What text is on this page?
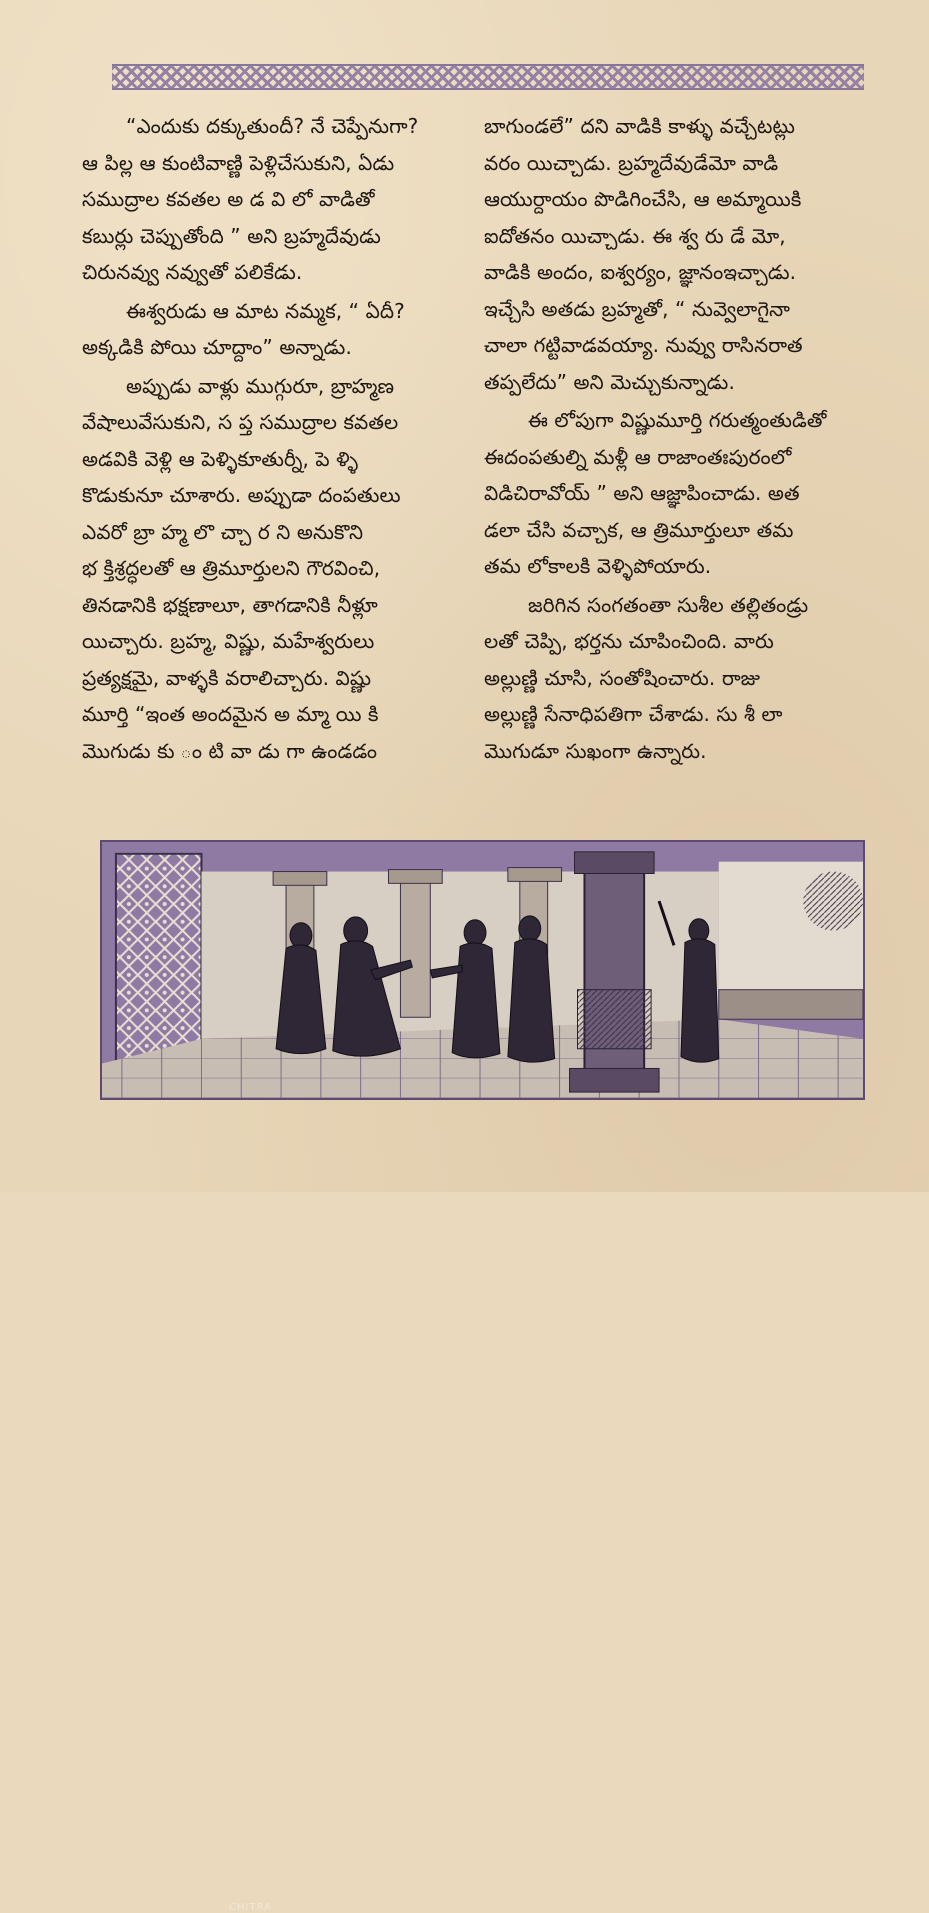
“ఎందుకు దక్కుతుందీ? నే చెప్పేనుగా?
ఆ పిల్ల ఆ కుంటివాణ్ణి పెళ్లిచేసుకుని, ఏడు
సముద్రాల కవతల అ డ వి లో వాడితో
కబుర్లు చెప్పుతోంది ” అని బ్రహ్మదేవుడు
చిరునవ్వు నవ్వుతో పలికేడు.
ఈశ్వరుడు ఆ మాట నమ్మక, “ ఏదీ?
అక్కడికి పోయి చూద్దాం” అన్నాడు.
అప్పుడు వాళ్లు ముగ్గురూ, బ్రాహ్మణ
వేషాలువేసుకుని, స ప్త సముద్రాల కవతల
అడవికి వెళ్లి ఆ పెళ్ళికూతుర్నీ, పె ళ్ళి
కొడుకునూ చూశారు. అప్పుడా దంపతులు
ఎవరో బ్రా హ్మ లొ చ్చా ర ని అనుకొని
భ క్తిశ్రద్ధలతో ఆ త్రిమూర్తులని గౌరవించి,
తినడానికి భక్షణాలూ, తాగడానికి నీళ్లూ
యిచ్చారు. బ్రహ్మ, విష్ణు, మహేశ్వరులు
ప్రత్యక్షమై, వాళ్ళకి వరాలిచ్చారు. విష్ణు
మూర్తి “ఇంత అందమైన అ మ్మా యి కి
మొగుడు కు ం టి వా డు గా ఉండడం
బాగుండలే” దని వాడికి కాళ్ళు వచ్చేటట్లు
వరం యిచ్చాడు. బ్రహ్మదేవుడేమో వాడి
ఆయుర్దాయం పొడిగించేసి, ఆ అమ్మాయికి
ఐదోతనం యిచ్చాడు. ఈ శ్వ రు డే మో,
వాడికి అందం, ఐశ్వర్యం, జ్ఞానంఇచ్చాడు.
ఇచ్చేసి అతడు బ్రహ్మతో, “ నువ్వెలాగైనా
చాలా గట్టివాడవయ్యా. నువ్వు రాసినరాత
తప్పలేదు” అని మెచ్చుకున్నాడు.
ఈ లోపుగా విష్ణుమూర్తి గరుత్మంతుడితో
ఈదంపతుల్ని మళ్లీ ఆ రాజాంతఃపురంలో
విడిచిరావోయ్ ” అని ఆజ్ఞాపించాడు. అత
డలా చేసి వచ్చాక, ఆ త్రిమూర్తులూ తమ
తమ లోకాలకి వెళ్ళిపోయారు.
జరిగిన సంగతంతా సుశీల తల్లితండ్రు
లతో చెప్పి, భర్తను చూపించింది. వారు
అల్లుణ్ణి చూసి, సంతోషించారు. రాజు
అల్లుణ్ణి సేనాధిపతిగా చేశాడు. సు శీ లా
మొగుడూ సుఖంగా ఉన్నారు.
CHITRA
